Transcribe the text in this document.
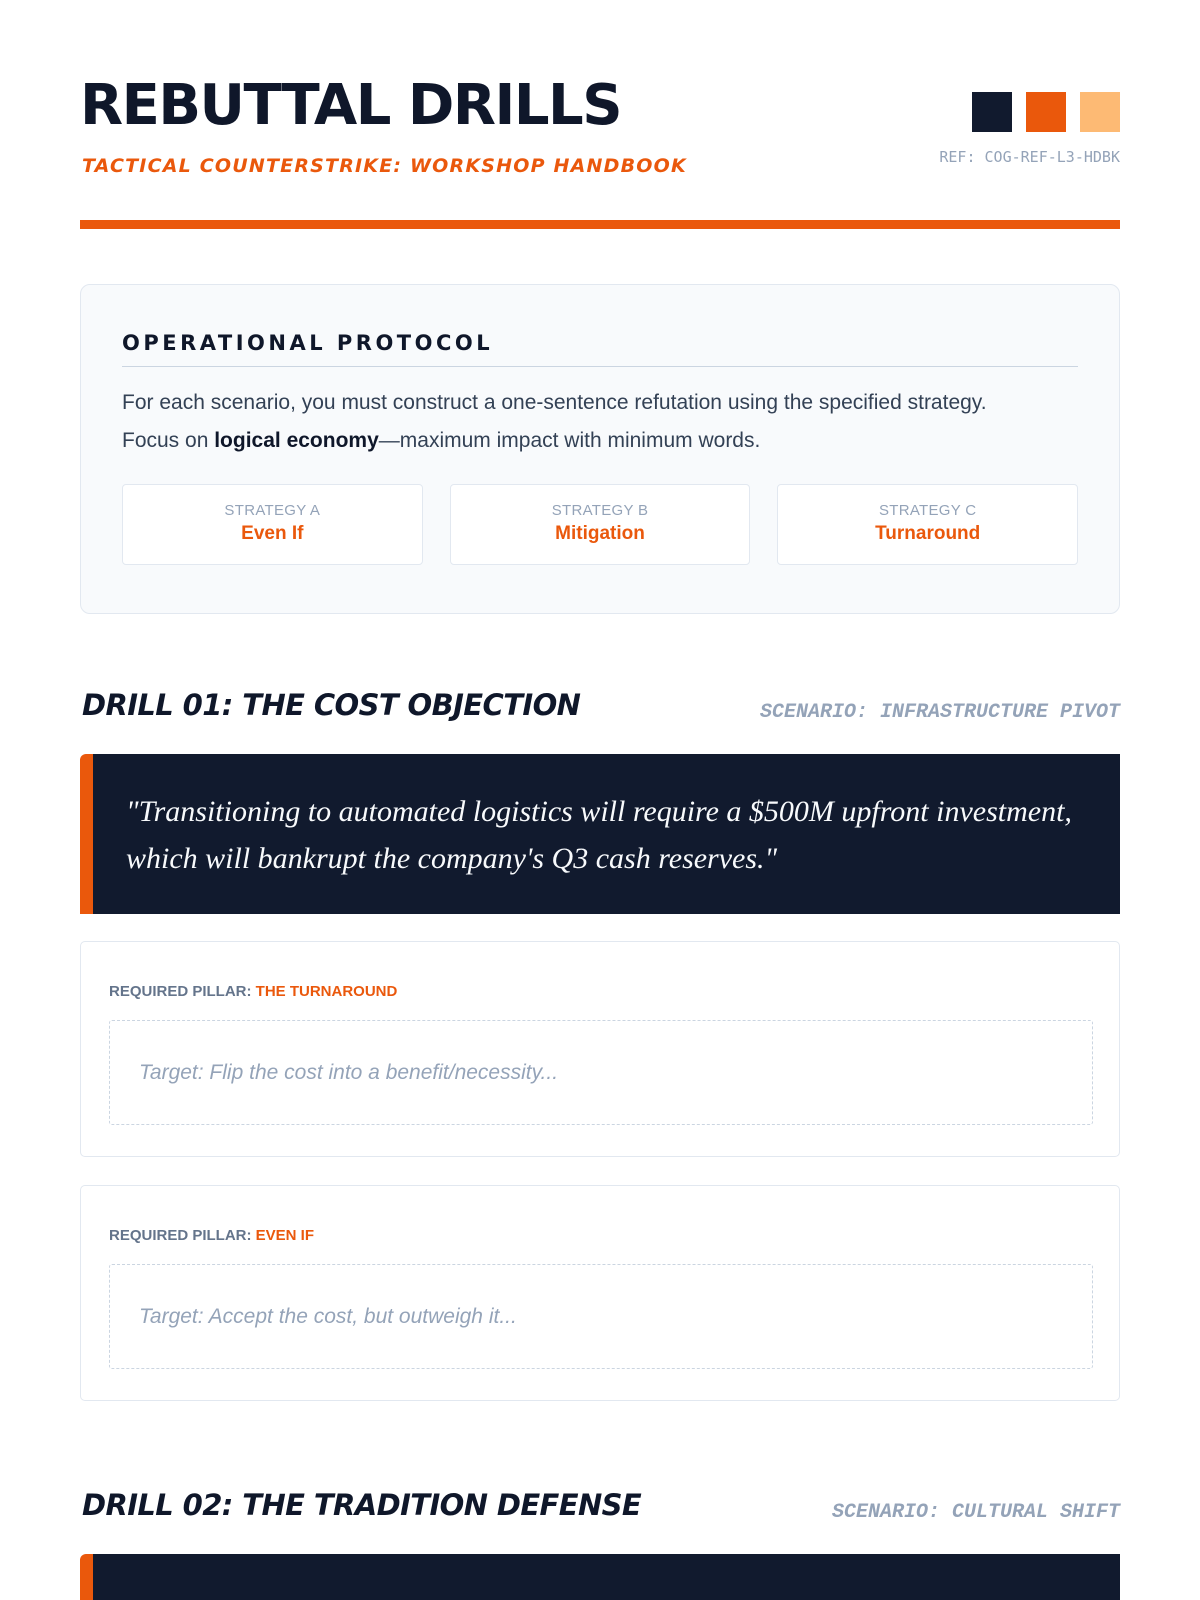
REBUTTAL DRILLS
TACTICAL COUNTERSTRIKE: WORKSHOP HANDBOOK	REF: COG-REF-L3-HDBK
OPERATIONAL PROTOCOL

For each scenario, you must construct a one-sentence refutation using the specified strategy.
Focus on logical economy—maximum impact with minimum words.

STRATEGY A
Even If
STRATEGY B
Mitigation
STRATEGY C
Turnaround
DRILL 01: THE COST OBJECTION	SCENARIO: INFRASTRUCTURE PIVOT

"Transitioning to automated logistics will require a $500M upfront investment, which will bankrupt the company's Q3 cash reserves."

REQUIRED PILLAR: THE TURNAROUND
Target: Flip the cost into a benefit/necessity...
REQUIRED PILLAR: EVEN IF
Target: Accept the cost, but outweigh it...
DRILL 02: THE TRADITION DEFENSE	SCENARIO: CULTURAL SHIFT
